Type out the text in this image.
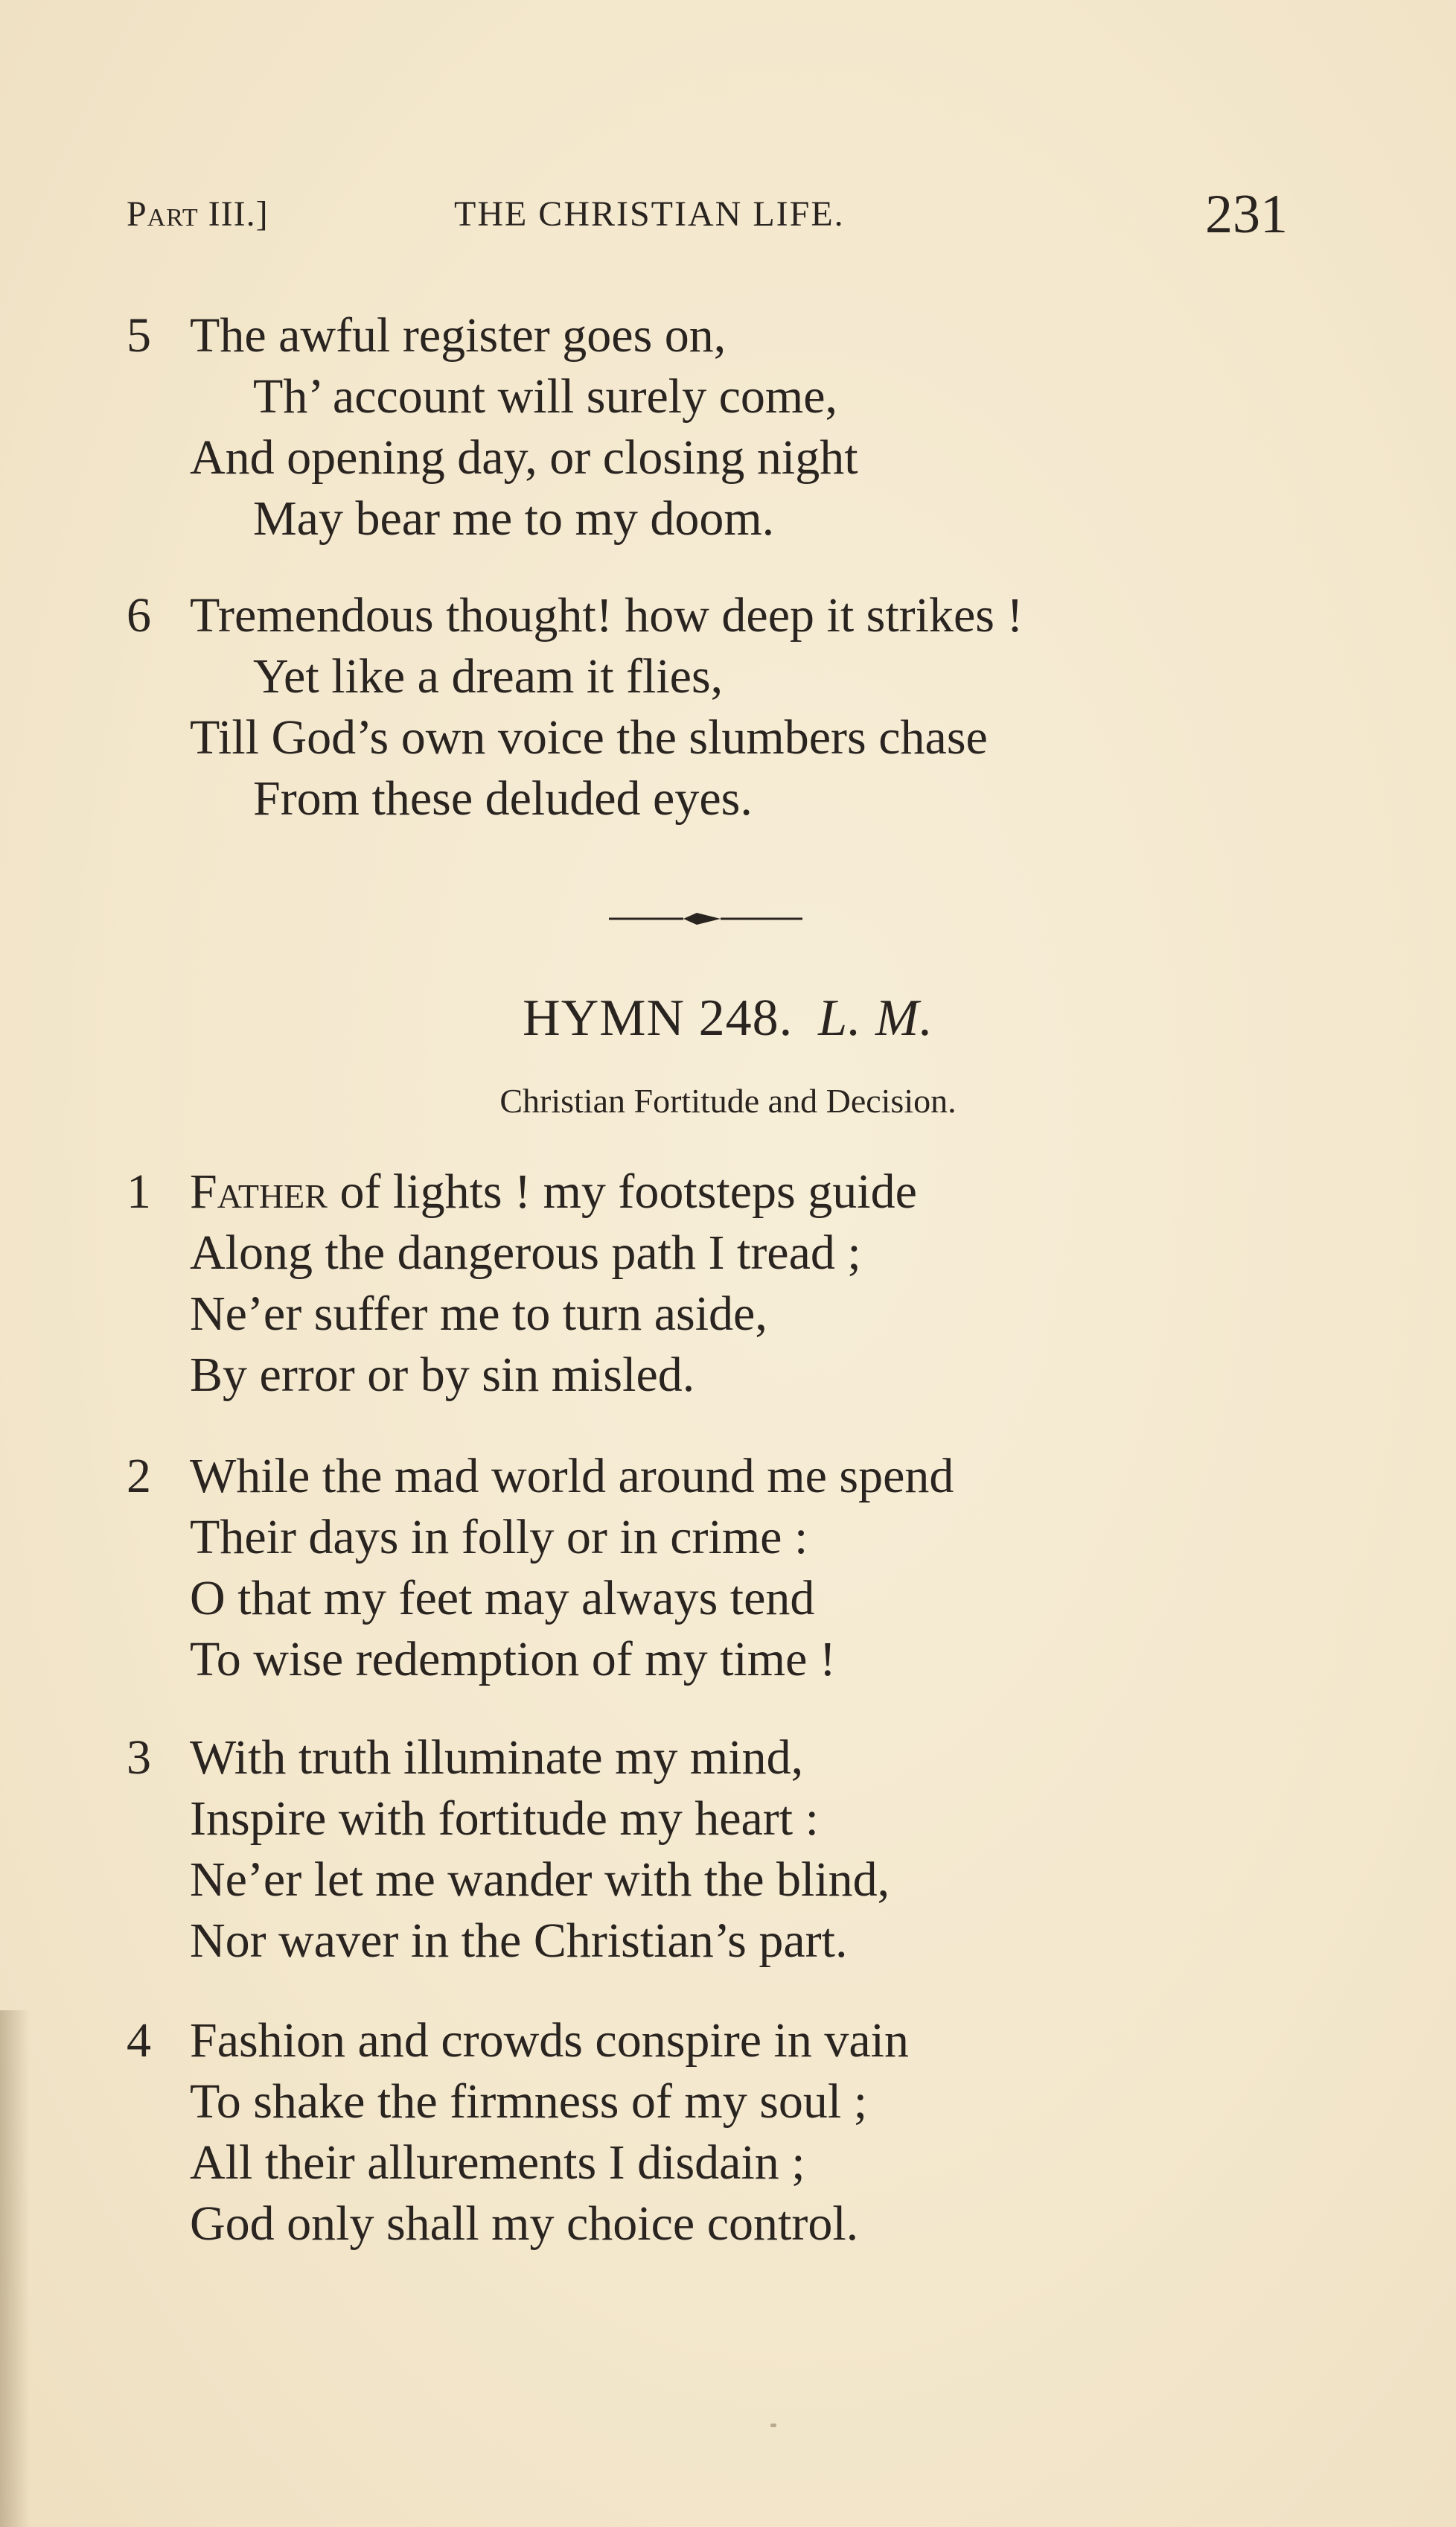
Part III.]	THE CHRISTIAN LIFE.	231
5 The awful register goes on,
Th’ account will surely come,
And opening day, or closing night
May bear me to my doom.
6 Tremendous thought! how deep it strikes !
Yet like a dream it flies,
Till God’s own voice the slumbers chase
From these deluded eyes.
HYMN 248. L. M.
Christian Fortitude and Decision.
1 Father of lights ! my footsteps guide
Along the dangerous path I tread ;
Ne’er suffer me to turn aside,
By error or by sin misled.
2 While the mad world around me spend
Their days in folly or in crime :
O that my feet may always tend
To wise redemption of my time !
3 With truth illuminate my mind,
Inspire with fortitude my heart :
Ne’er let me wander with the blind,
Nor waver in the Christian’s part.
4 Fashion and crowds conspire in vain
To shake the firmness of my soul ;
All their allurements I disdain ;
God only shall my choice control.
